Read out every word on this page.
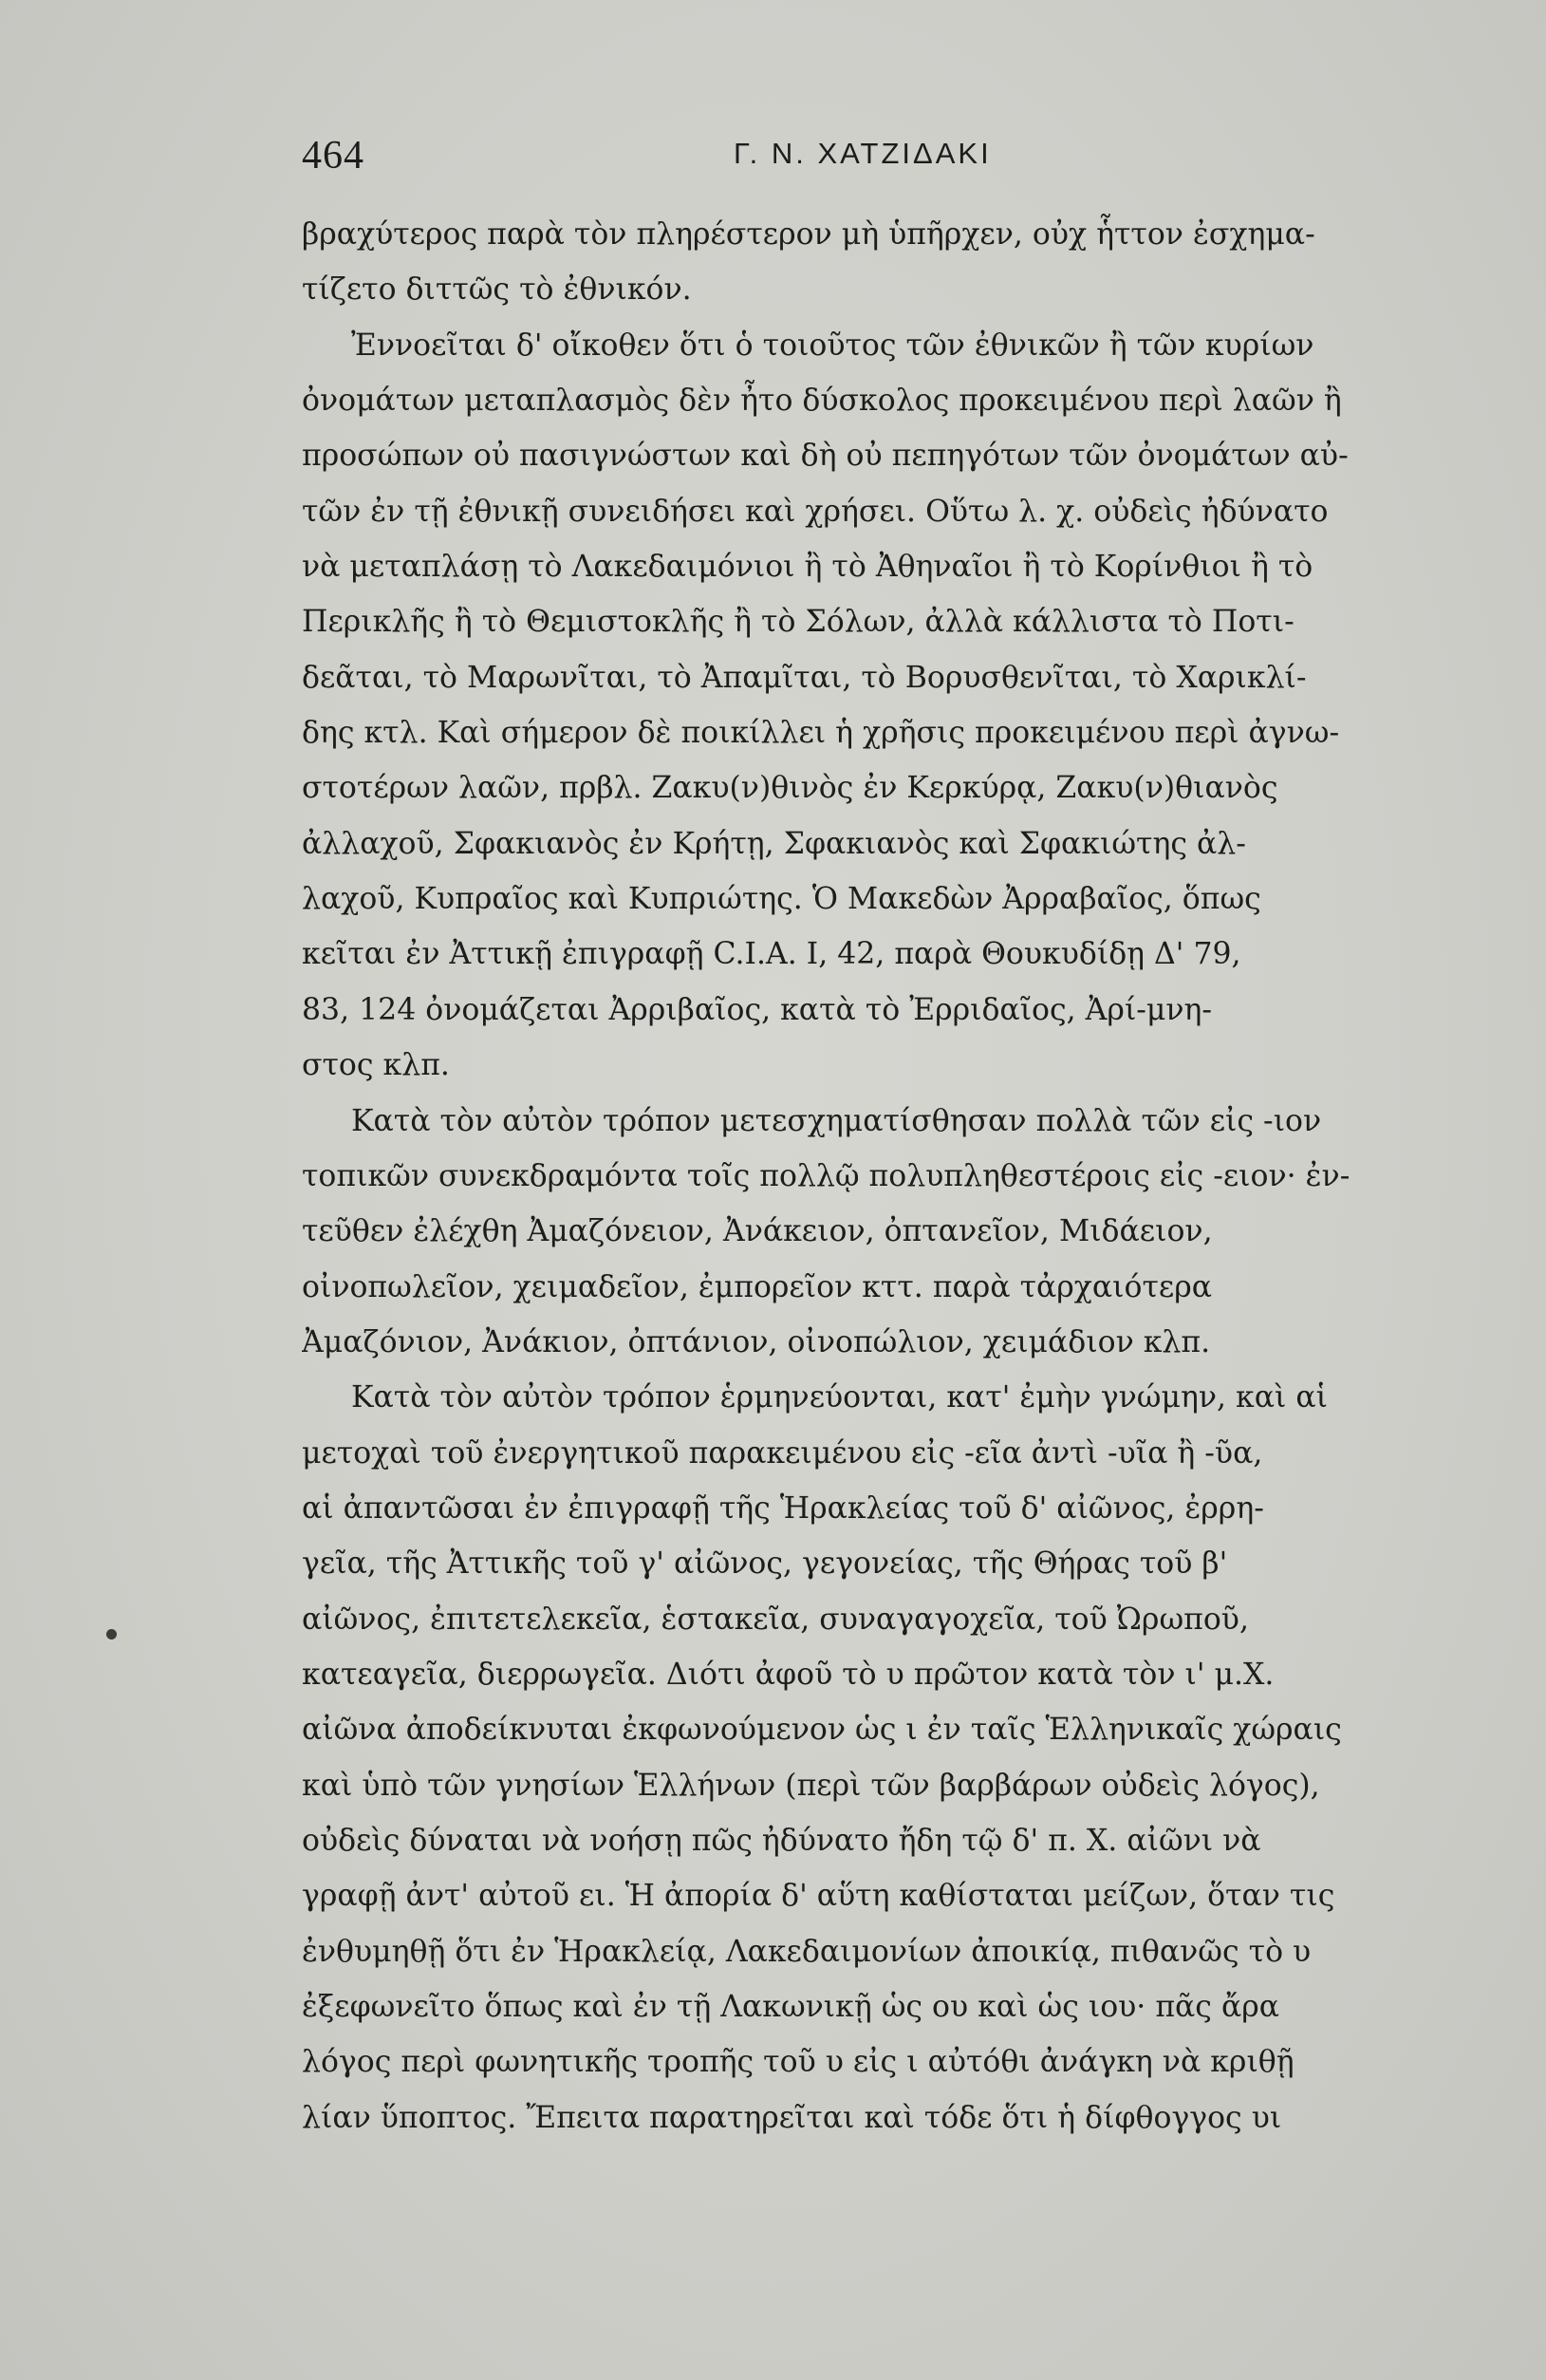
464	Γ. Ν. ΧΑΤΖΙΔΑΚΙ
βραχύτερος παρὰ τὸν πληρέστερον μὴ ὑπῆρχεν, οὐχ ἧττον ἐσχημα-
τίζετο διττῶς τὸ ἐθνικόν.
Ἐννοεῖται δ' οἴκοθεν ὅτι ὁ τοιοῦτος τῶν ἐθνικῶν ἢ τῶν κυρίων
ὀνομάτων μεταπλασμὸς δὲν ἦτο δύσκολος προκειμένου περὶ λαῶν ἢ
προσώπων οὐ πασιγνώστων καὶ δὴ οὐ πεπηγότων τῶν ὀνομάτων αὐ-
τῶν ἐν τῇ ἐθνικῇ συνειδήσει καὶ χρήσει. Οὕτω λ. χ. οὐδεὶς ἠδύνατο
νὰ μεταπλάσῃ τὸ Λακεδαιμόνιοι ἢ τὸ Ἀθηναῖοι ἢ τὸ Κορίνθιοι ἢ τὸ
Περικλῆς ἢ τὸ Θεμιστοκλῆς ἢ τὸ Σόλων, ἀλλὰ κάλλιστα τὸ Ποτι-
δεᾶται, τὸ Μαρωνῖται, τὸ Ἀπαμῖται, τὸ Βορυσθενῖται, τὸ Χαρικλί-
δης κτλ. Καὶ σήμερον δὲ ποικίλλει ἡ χρῆσις προκειμένου περὶ ἀγνω-
στοτέρων λαῶν, πρβλ. Ζακυ(ν)θινὸς ἐν Κερκύρᾳ, Ζακυ(ν)θιανὸς
ἀλλαχοῦ, Σφακιανὸς ἐν Κρήτῃ, Σφακιανὸς καὶ Σφακιώτης ἀλ-
λαχοῦ, Κυπραῖος καὶ Κυπριώτης. Ὁ Μακεδὼν Ἀρραβαῖος, ὅπως
κεῖται ἐν Ἀττικῇ ἐπιγραφῇ C.I.A. I, 42, παρὰ Θουκυδίδῃ Δ' 79,
83, 124 ὀνομάζεται Ἀρριβαῖος, κατὰ τὸ Ἐρριδαῖος, Ἀρί-μνη-
στος κλπ.
Κατὰ τὸν αὐτὸν τρόπον μετεσχηματίσθησαν πολλὰ τῶν εἰς -ιον
τοπικῶν συνεκδραμόντα τοῖς πολλῷ πολυπληθεστέροις εἰς -ειον· ἐν-
τεῦθεν ἐλέχθη Ἀμαζόνειον, Ἀνάκειον, ὀπτανεῖον, Μιδάειον,
οἰνοπωλεῖον, χειμαδεῖον, ἐμπορεῖον κττ. παρὰ τἀρχαιότερα
Ἀμαζόνιον, Ἀνάκιον, ὀπτάνιον, οἰνοπώλιον, χειμάδιον κλπ.
Κατὰ τὸν αὐτὸν τρόπον ἑρμηνεύονται, κατ' ἐμὴν γνώμην, καὶ αἱ
μετοχαὶ τοῦ ἐνεργητικοῦ παρακειμένου εἰς -εῖα ἀντὶ -υῖα ἢ -ῦα,
αἱ ἀπαντῶσαι ἐν ἐπιγραφῇ τῆς Ἡρακλείας τοῦ δ' αἰῶνος, ἐρρη-
γεῖα, τῆς Ἀττικῆς τοῦ γ' αἰῶνος, γεγονείας, τῆς Θήρας τοῦ β'
αἰῶνος, ἐπιτετελεκεῖα, ἑστακεῖα, συναγαγοχεῖα, τοῦ Ὠρωποῦ,
κατεαγεῖα, διερρωγεῖα. Διότι ἀφοῦ τὸ υ πρῶτον κατὰ τὸν ι' μ.Χ.
αἰῶνα ἀποδείκνυται ἐκφωνούμενον ὡς ι ἐν ταῖς Ἑλληνικαῖς χώραις
καὶ ὑπὸ τῶν γνησίων Ἑλλήνων (περὶ τῶν βαρβάρων οὐδεὶς λόγος),
οὐδεὶς δύναται νὰ νοήσῃ πῶς ἠδύνατο ἤδη τῷ δ' π. Χ. αἰῶνι νὰ
γραφῇ ἀντ' αὐτοῦ ει. Ἡ ἀπορία δ' αὕτη καθίσταται μείζων, ὅταν τις
ἐνθυμηθῇ ὅτι ἐν Ἡρακλείᾳ, Λακεδαιμονίων ἀποικίᾳ, πιθανῶς τὸ υ
ἐξεφωνεῖτο ὅπως καὶ ἐν τῇ Λακωνικῇ ὡς ου καὶ ὡς ιου· πᾶς ἄρα
λόγος περὶ φωνητικῆς τροπῆς τοῦ υ εἰς ι αὐτόθι ἀνάγκη νὰ κριθῇ
λίαν ὕποπτος. Ἔπειτα παρατηρεῖται καὶ τόδε ὅτι ἡ δίφθογγος υι
